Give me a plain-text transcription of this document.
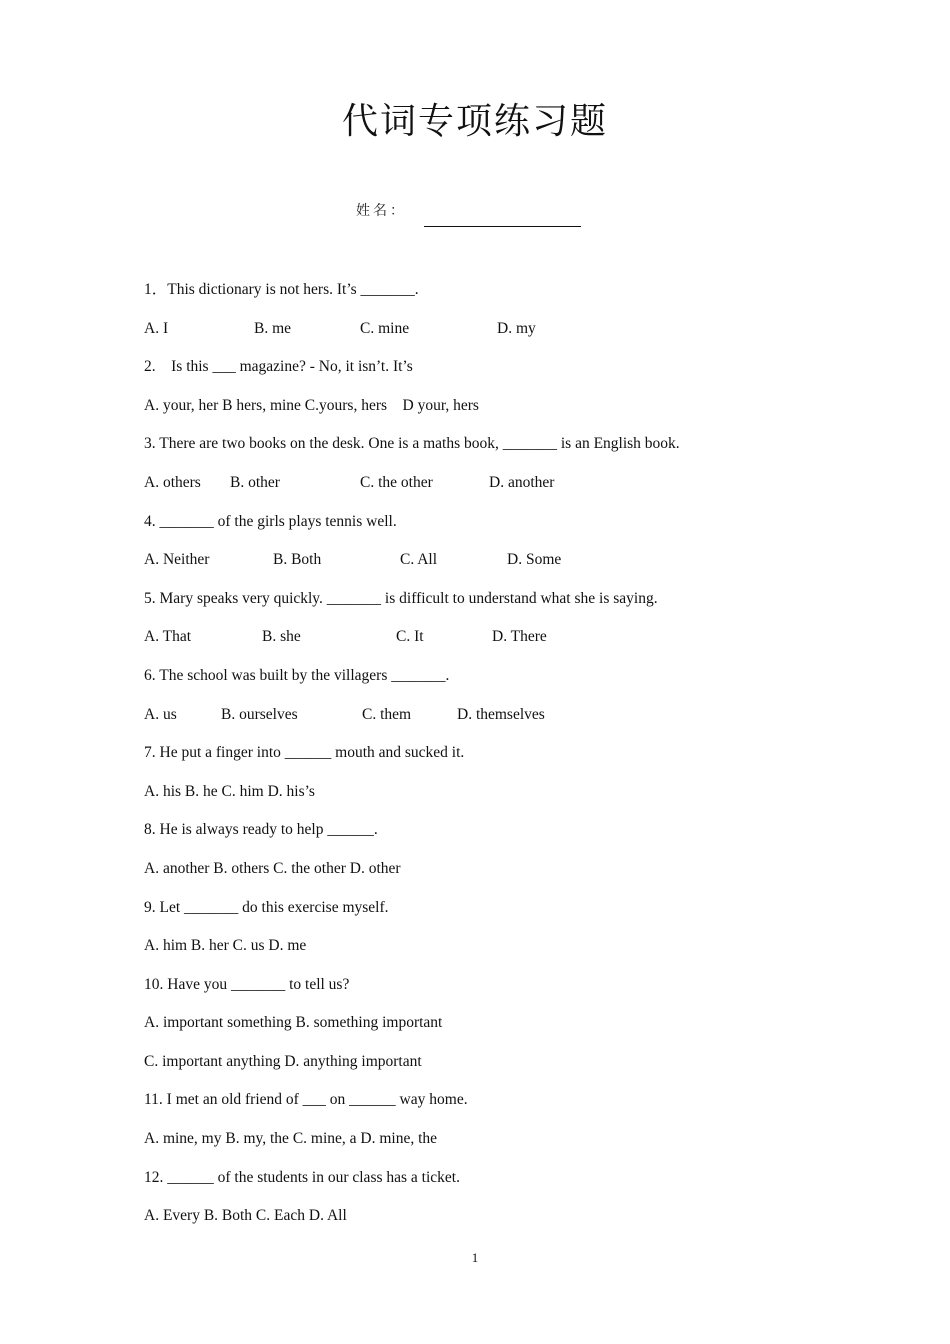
代词专项练习题
姓名：
1．This dictionary is not hers. It’s _______.
A. I	B. me	C. mine	D. my
2.    Is this ___ magazine? - No, it isn’t. It’s
A. your, her B hers, mine C.yours, hers    D your, hers
3. There are two books on the desk. One is a maths book, _______ is an English book.
A. others B. other	C. the other	D. another
4. _______ of the girls plays tennis well.
A. Neither	B. Both	C. All	D. Some
5. Mary speaks very quickly. _______ is difficult to understand what she is saying.
A. That	B. she	C. It	D. There
6. The school was built by the villagers _______.
A. us	B. ourselves	C. them	D. themselves
7. He put a finger into ______ mouth and sucked it.
A. his B. he C. him D. his’s
8. He is always ready to help ______.
A. another B. others C. the other D. other
9. Let _______ do this exercise myself.
A. him B. her C. us D. me
10. Have you _______ to tell us?
A. important something B. something important
C. important anything D. anything important
11. I met an old friend of ___ on ______ way home.
A. mine, my B. my, the C. mine, a D. mine, the
12. ______ of the students in our class has a ticket.
A. Every B. Both C. Each D. All
1
